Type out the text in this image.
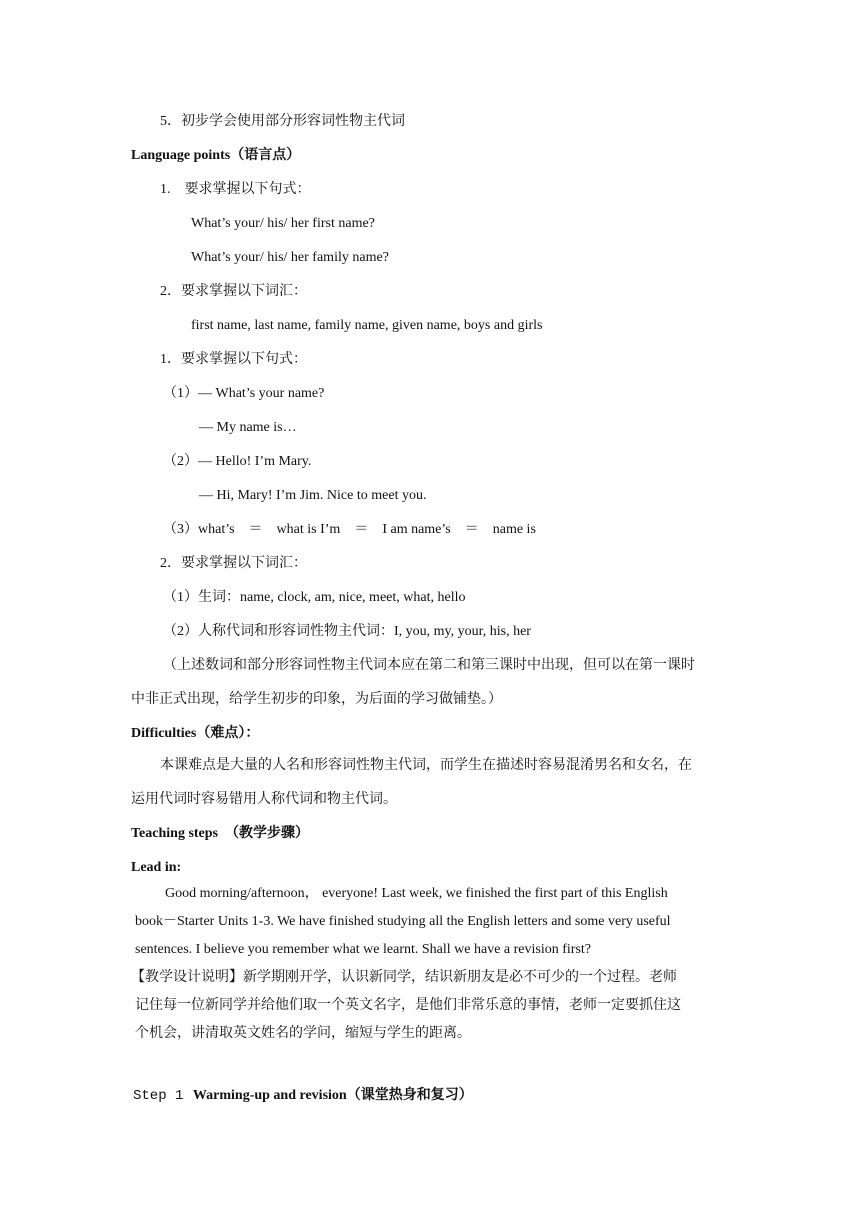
5．初步学会使用部分形容词性物主代词
Language points（语言点）
1.　要求掌握以下句式：
What’s your/ his/ her first name?
What’s your/ his/ her family name?
2．要求掌握以下词汇：
first name, last name, family name, given name, boys and girls
1．要求掌握以下句式：
（1）— What’s your name?
— My name is…
（2）— Hello! I’m Mary.
— Hi, Mary! I’m Jim. Nice to meet you.
（3）what’s　＝　what is I’m　＝　I am name’s　＝　name is
2．要求掌握以下词汇：
（1）生词：name, clock, am, nice, meet, what, hello
（2）人称代词和形容词性物主代词：I, you, my, your, his, her
（上述数词和部分形容词性物主代词本应在第二和第三课时中出现，但可以在第一课时
中非正式出现，给学生初步的印象，为后面的学习做铺垫。）
Difficulties（难点）：
本课难点是大量的人名和形容词性物主代词，而学生在描述时容易混淆男名和女名，在
运用代词时容易错用人称代词和物主代词。
Teaching steps　（教学步骤）
Lead in:
Good morning/afternoon， everyone! Last week, we finished the first part of this English
book－Starter Units 1-3. We have finished studying all the English letters and some very useful
sentences. I believe you remember what we learnt. Shall we have a revision first?
【教学设计说明】新学期刚开学，认识新同学，结识新朋友是必不可少的一个过程。老师
记住每一位新同学并给他们取一个英文名字，是他们非常乐意的事情，老师一定要抓住这
个机会，讲清取英文姓名的学问，缩短与学生的距离。
Step 1 Warming-up and revision（课堂热身和复习）
